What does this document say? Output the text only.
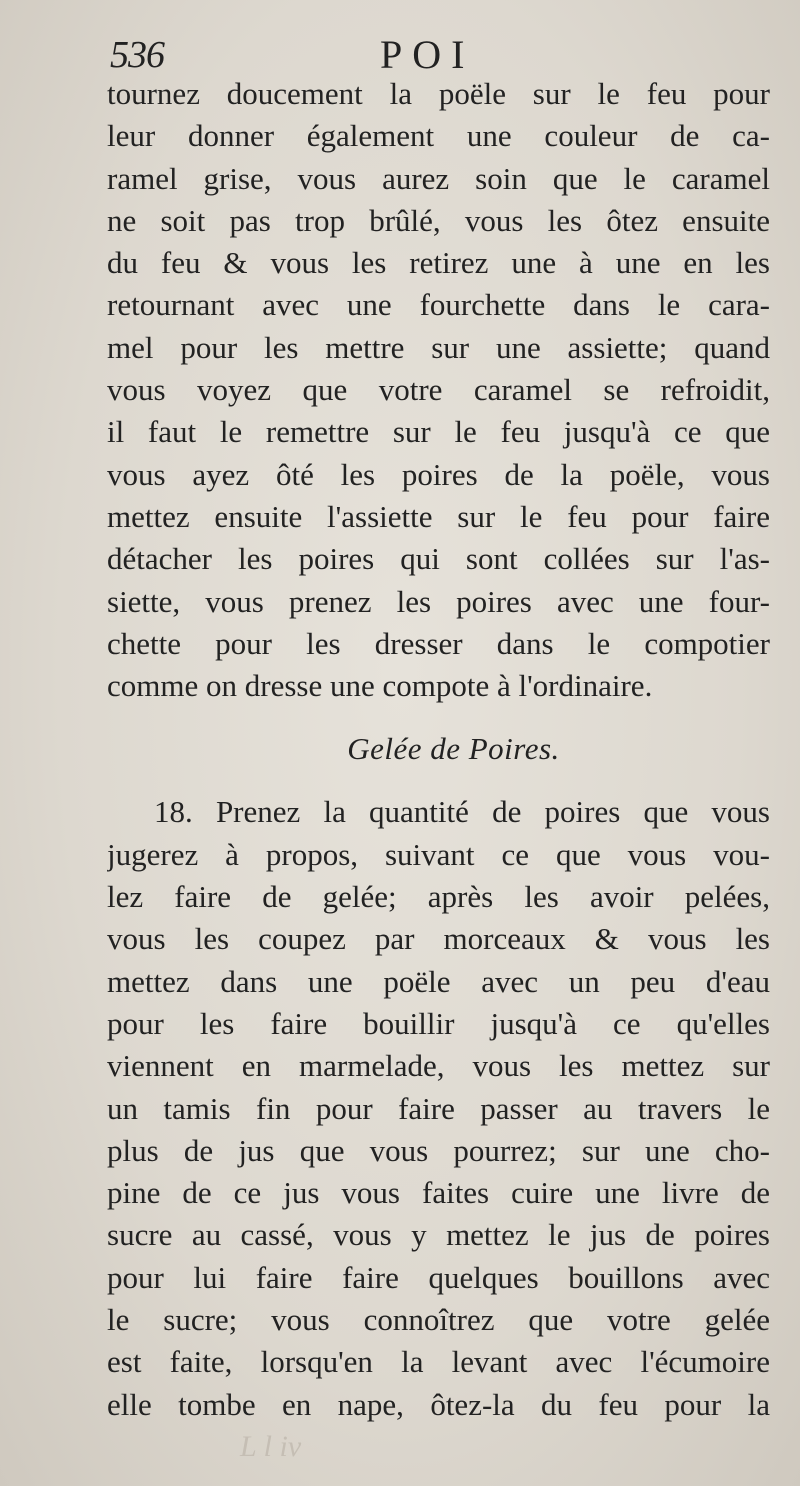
536	POI
tournez doucement la poële sur le feu pour
leur donner également une couleur de ca-
ramel grise, vous aurez soin que le caramel
ne soit pas trop brûlé, vous les ôtez ensuite
du feu & vous les retirez une à une en les
retournant avec une fourchette dans le cara-
mel pour les mettre sur une assiette; quand
vous voyez que votre caramel se refroidit,
il faut le remettre sur le feu jusqu'à ce que
vous ayez ôté les poires de la poële, vous
mettez ensuite l'assiette sur le feu pour faire
détacher les poires qui sont collées sur l'as-
siette, vous prenez les poires avec une four-
chette pour les dresser dans le compotier
comme on dresse une compote à l'ordinaire.
Gelée de Poires.
18. Prenez la quantité de poires que vous
jugerez à propos, suivant ce que vous vou-
lez faire de gelée; après les avoir pelées,
vous les coupez par morceaux & vous les
mettez dans une poële avec un peu d'eau
pour les faire bouillir jusqu'à ce qu'elles
viennent en marmelade, vous les mettez sur
un tamis fin pour faire passer au travers le
plus de jus que vous pourrez; sur une cho-
pine de ce jus vous faites cuire une livre de
sucre au cassé, vous y mettez le jus de poires
pour lui faire faire quelques bouillons avec
le sucre; vous connoîtrez que votre gelée
est faite, lorsqu'en la levant avec l'écumoire
elle tombe en nape, ôtez-la du feu pour la
L l iv
